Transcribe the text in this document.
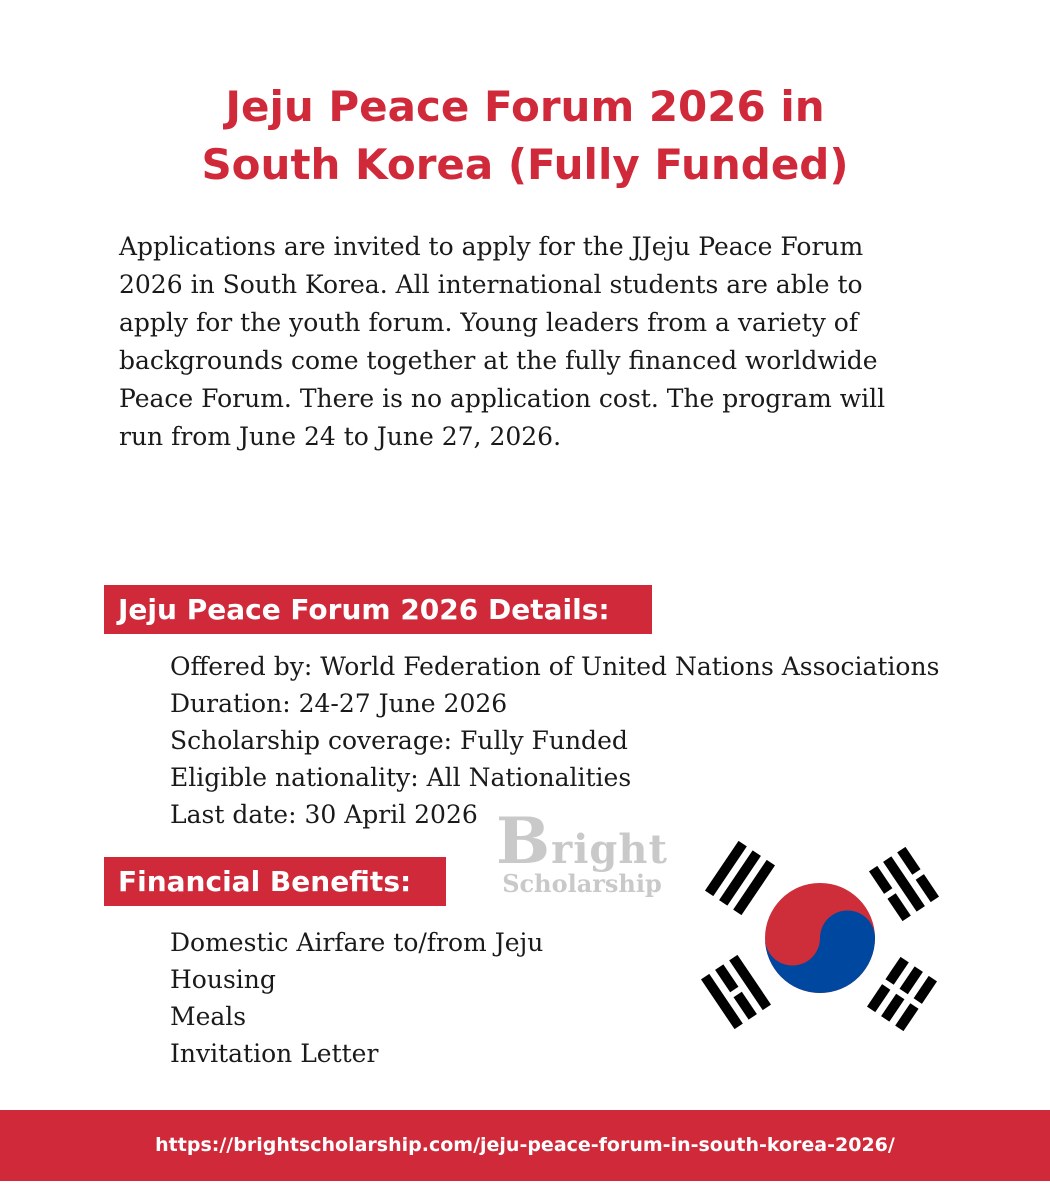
Jeju Peace Forum 2026 in
South Korea (Fully Funded)

Applications are invited to apply for the JJeju Peace Forum 2026 in South Korea. All international students are able to apply for the youth forum. Young leaders from a variety of backgrounds come together at the fully financed worldwide Peace Forum. There is no application cost. The program will run from June 24 to June 27, 2026.

Jeju Peace Forum 2026 Details:
Offered by: World Federation of United Nations Associations
Duration: 24-27 June 2026
Scholarship coverage: Fully Funded
Eligible nationality: All Nationalities
Last date: 30 April 2026 Bright
Scholarship
Financial Benefits:
Domestic Airfare to/from Jeju
Housing
Meals
Invitation Letter
https://brightscholarship.com/jeju-peace-forum-in-south-korea-2026/
